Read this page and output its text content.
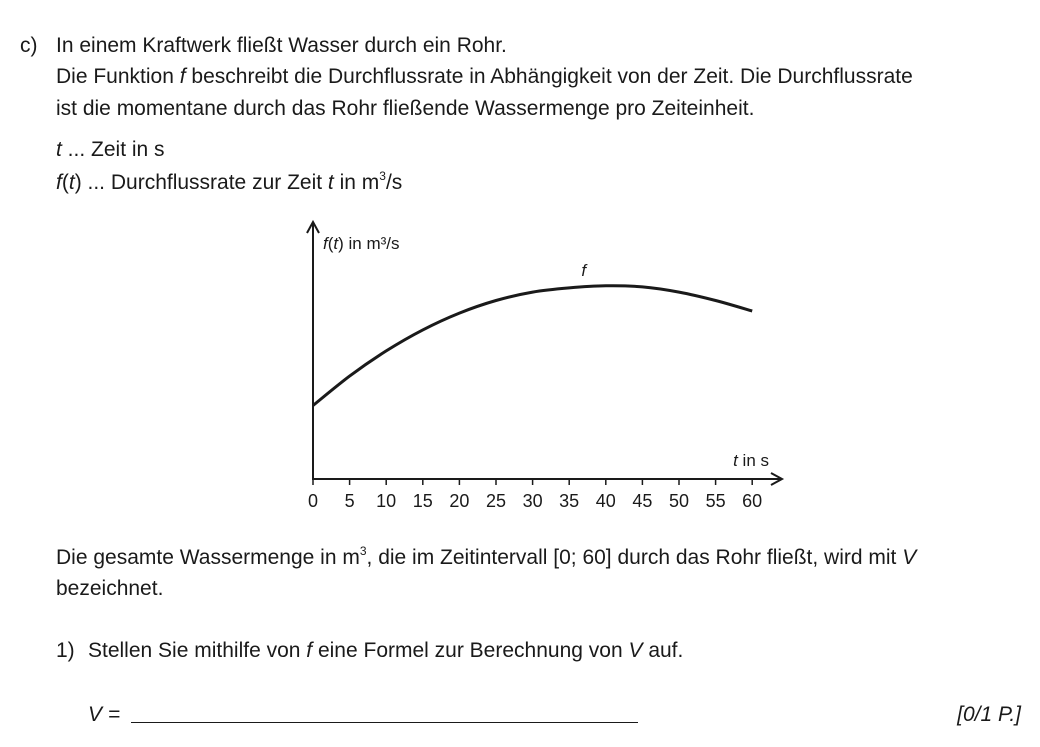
c) In einem Kraftwerk fließt Wasser durch ein Rohr.
Die Funktion f beschreibt die Durchflussrate in Abhängigkeit von der Zeit. Die Durchflussrate
ist die momentane durch das Rohr fließende Wassermenge pro Zeiteinheit.
t ... Zeit in s
f(t) ... Durchflussrate zur Zeit t in $m^3/s$
f(t) in m³/s
t in s
0 5 10 15 20 25 30 35 40 45 50 55 60
f
Die gesamte Wassermenge in $m^3$, die im Zeitintervall [0; 60] durch das Rohr fließt, wird mit V
bezeichnet.
1) Stellen Sie mithilfe von f eine Formel zur Berechnung von V auf.
V =	[0/1 P.]
